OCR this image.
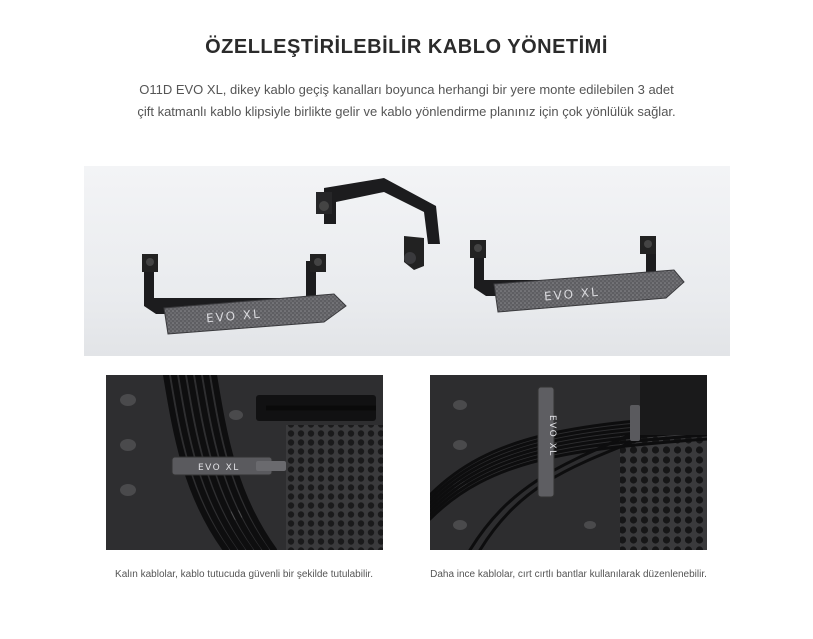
ÖZELLEŞTİRİLEBİLİR KABLO YÖNETİMİ
O11D EVO XL, dikey kablo geçiş kanalları boyunca herhangi bir yere monte edilebilen 3 adet çift katmanlı kablo klipsiyle birlikte gelir ve kablo yönlendirme planınız için çok yönlülük sağlar.
EVO XL
EVO XL
EVO XL
EVO XL
Kalın kablolar, kablo tutucuda güvenli bir şekilde tutulabilir.	Daha ince kablolar, cırt cırtlı bantlar kullanılarak düzenlenebilir.
